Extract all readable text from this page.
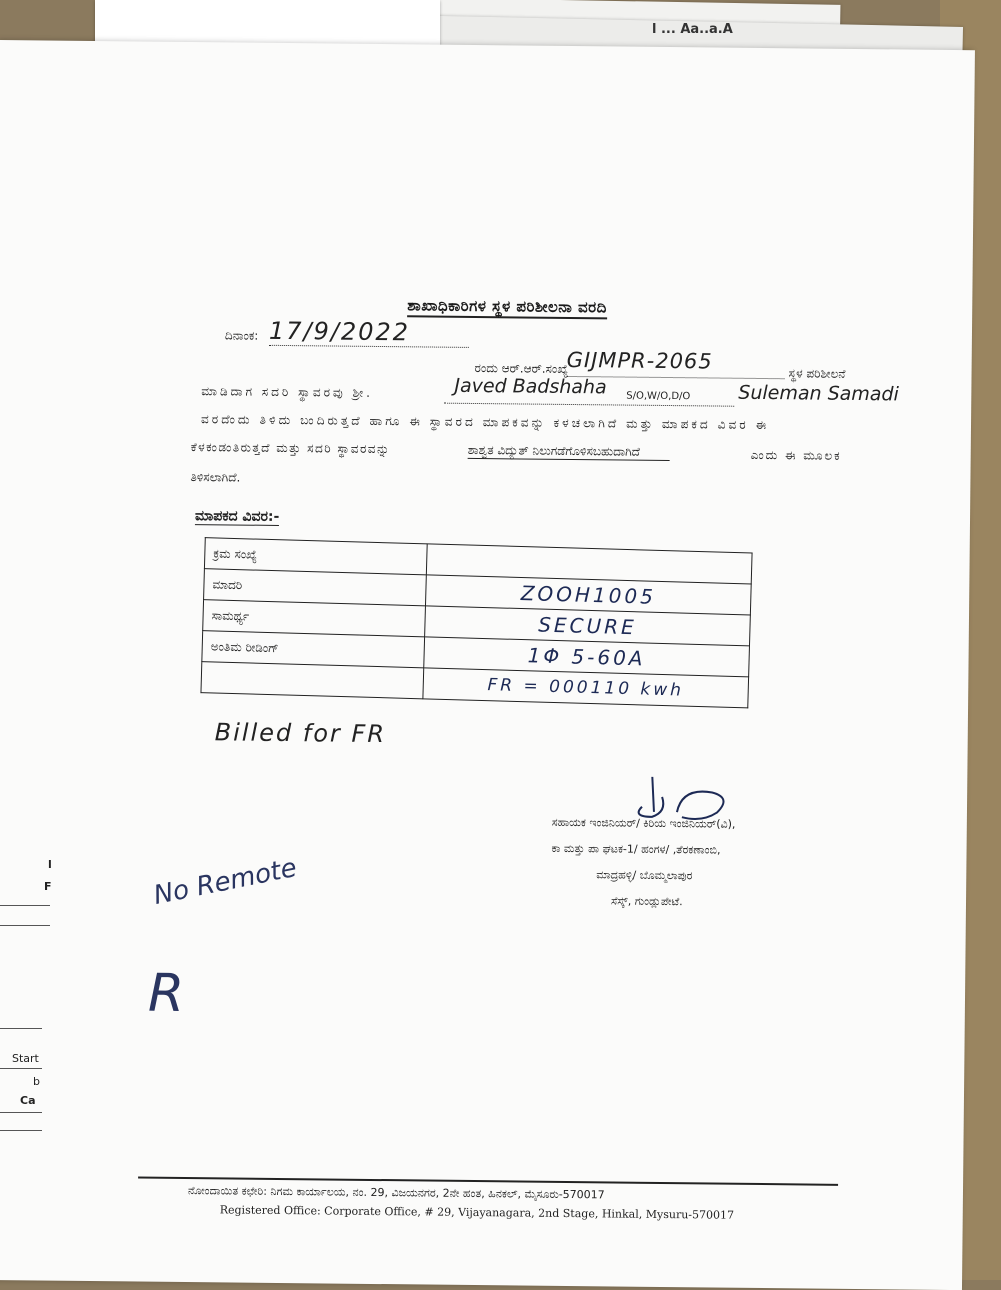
l ... Aa..a.A
ಶಾಖಾಧಿಕಾರಿಗಳ ಸ್ಥಳ ಪರಿಶೀಲನಾ ವರದಿ
ದಿನಾಂಕ: 17/9/2022
ರಂದು ಆರ್.ಆರ್.ಸಂಖ್ಯೆ
GIJMPR-2065
ಸ್ಥಳ ಪರಿಶೀಲನೆ
ಮಾಡಿದಾಗ ಸದರಿ ಸ್ಥಾವರವು ಶ್ರೀ.	Javed Badshaha S/O,W/O,D/O	Suleman Samadi
ವರದೆಂದು ತಿಳಿದು ಬಂದಿರುತ್ತದೆ ಹಾಗೂ ಈ ಸ್ಥಾವರದ ಮಾಪಕವನ್ನು ಕಳಚಲಾಗಿದೆ ಮತ್ತು ಮಾಪಕದ ವಿವರ ಈ
ಕೆಳಕಂಡಂತಿರುತ್ತದೆ ಮತ್ತು ಸದರಿ ಸ್ಥಾವರವನ್ನು	ಶಾಶ್ವತ ವಿದ್ಯುತ್ ನಿಲುಗಡೆಗೊಳಿಸಬಹುದಾಗಿದೆ	ಎಂದು ಈ ಮೂಲಕ
ತಿಳಿಸಲಾಗಿದೆ.
ಮಾಪಕದ ವಿವರ:-
ಕ್ರಮ ಸಂಖ್ಯೆ	
ಮಾದರಿ	ZOOH1005
ಸಾಮರ್ಥ್ಯ	SECURE
ಅಂತಿಮ ರೀಡಿಂಗ್	1Φ 5-60A
	FR = 000110 kwh
Billed for FR
No Remote
R
ಸಹಾಯಕ ಇಂಜಿನಿಯರ್/ ಕಿರಿಯ ಇಂಜಿನಿಯರ್(ವಿ),
ಕಾ ಮತ್ತು ಪಾ ಘಟಕ-1/ ಹಂಗಳ/ ,ತೆರಕಣಾಂಬಿ,
ಮಾದ್ರಹಳ್ಳಿ/ ಬೊಮ್ಮಲಾಪುರ
ಸೆಸ್ಕ್, ಗುಂಡ್ಲುಪೇಟೆ.
ನೋಂದಾಯಿತ ಕಛೇರಿ: ನಿಗಮ ಕಾರ್ಯಾಲಯ, ನಂ. 29, ವಿಜಯನಗರ, 2ನೇ ಹಂತ, ಹಿನಕಲ್, ಮೈಸೂರು-570017
Registered Office: Corporate Office, # 29, Vijayanagara, 2nd Stage, Hinkal, Mysuru-570017
l
F
Start
b
Ca
